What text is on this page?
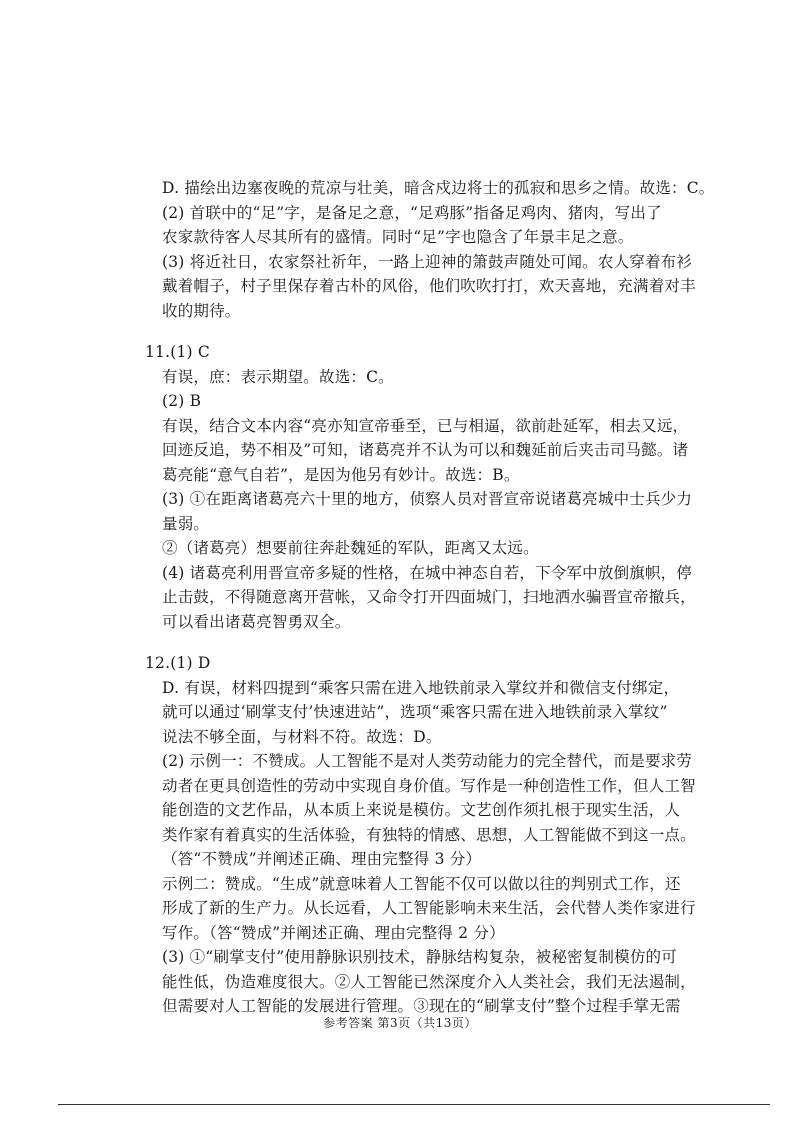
D. 描绘出边塞夜晚的荒凉与壮美，暗含戍边将士的孤寂和思乡之情。故选：C。
(2) 首联中的“足”字，是备足之意，“足鸡豚”指备足鸡肉、猪肉，写出了
农家款待客人尽其所有的盛情。同时“足”字也隐含了年景丰足之意。
(3) 将近社日，农家祭社祈年，一路上迎神的箫鼓声随处可闻。农人穿着布衫
戴着帽子，村子里保存着古朴的风俗，他们吹吹打打，欢天喜地，充满着对丰
收的期待。
11.(1) C
有误，庶：表示期望。故选：C。
(2) B
有误，结合文本内容“亮亦知宣帝垂至，已与相逼，欲前赴延军，相去又远，
回迹反追，势不相及”可知，诸葛亮并不认为可以和魏延前后夹击司马懿。诸
葛亮能“意气自若”，是因为他另有妙计。故选：B。
(3) ①在距离诸葛亮六十里的地方，侦察人员对晋宣帝说诸葛亮城中士兵少力
量弱。
②（诸葛亮）想要前往奔赴魏延的军队，距离又太远。
(4) 诸葛亮利用晋宣帝多疑的性格，在城中神态自若，下令军中放倒旗帜，停
止击鼓，不得随意离开营帐，又命令打开四面城门，扫地洒水骗晋宣帝撤兵，
可以看出诸葛亮智勇双全。
12.(1) D
D. 有误，材料四提到“乘客只需在进入地铁前录入掌纹并和微信支付绑定，
就可以通过‘刷掌支付’快速进站”，选项“乘客只需在进入地铁前录入掌纹”
说法不够全面，与材料不符。故选：D。
(2) 示例一：不赞成。人工智能不是对人类劳动能力的完全替代，而是要求劳
动者在更具创造性的劳动中实现自身价值。写作是一种创造性工作，但人工智
能创造的文艺作品，从本质上来说是模仿。文艺创作须扎根于现实生活，人
类作家有着真实的生活体验，有独特的情感、思想，人工智能做不到这一点。
（答“不赞成”并阐述正确、理由完整得 3 分）
示例二：赞成。“生成”就意味着人工智能不仅可以做以往的判别式工作，还
形成了新的生产力。从长远看，人工智能影响未来生活，会代替人类作家进行
写作。（答“赞成”并阐述正确、理由完整得 2 分）
(3) ①“刷掌支付”使用静脉识别技术，静脉结构复杂，被秘密复制模仿的可
能性低，伪造难度很大。②人工智能已然深度介入人类社会，我们无法遏制，
但需要对人工智能的发展进行管理。③现在的“刷掌支付”整个过程手掌无需
参考答案 第3页（共13页）
